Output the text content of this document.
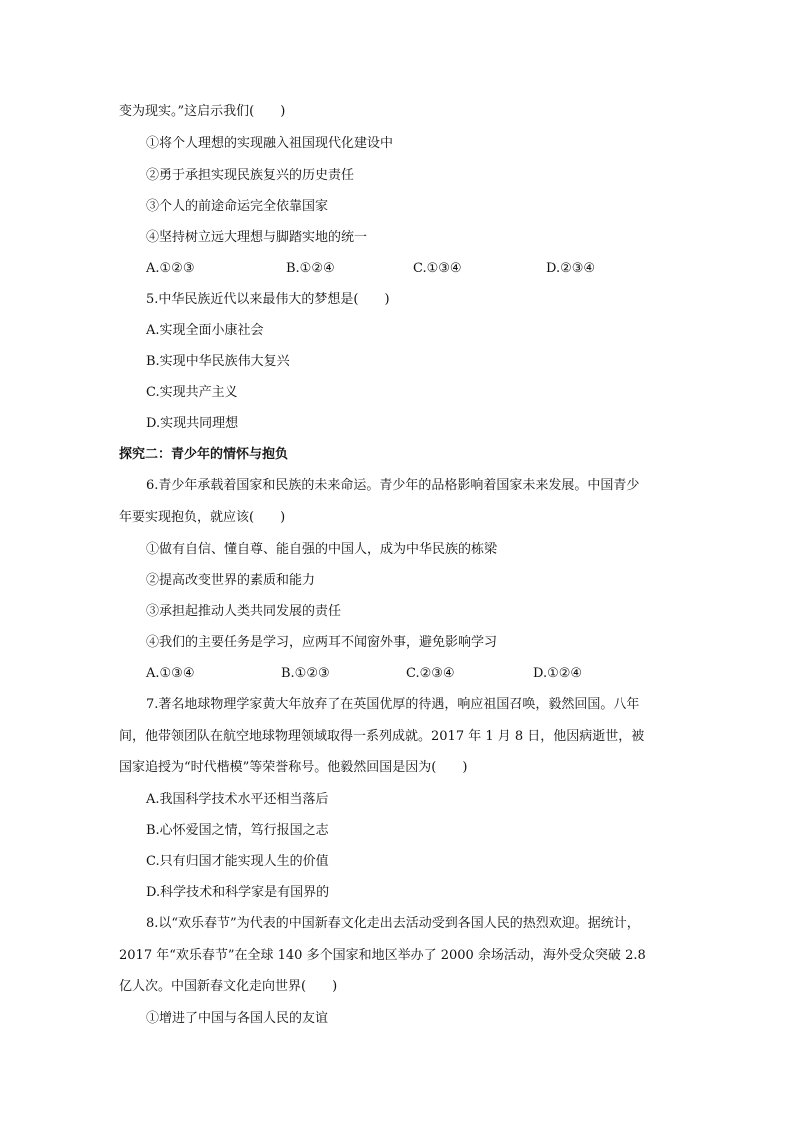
变为现实。”这启示我们(　　)
①将个人理想的实现融入祖国现代化建设中
②勇于承担实现民族复兴的历史责任
③个人的前途命运完全依靠国家
④坚持树立远大理想与脚踏实地的统一
A.①②③	B.①②④	C.①③④	D.②③④
5.中华民族近代以来最伟大的梦想是(　　)
A.实现全面小康社会
B.实现中华民族伟大复兴
C.实现共产主义
D.实现共同理想
探究二：青少年的情怀与抱负
6.青少年承载着国家和民族的未来命运。青少年的品格影响着国家未来发展。中国青少
年要实现抱负，就应该(　　)
①做有自信、懂自尊、能自强的中国人，成为中华民族的栋梁
②提高改变世界的素质和能力
③承担起推动人类共同发展的责任
④我们的主要任务是学习，应两耳不闻窗外事，避免影响学习
A.①③④	B.①②③	C.②③④	D.①②④
7.著名地球物理学家黄大年放弃了在英国优厚的待遇，响应祖国召唤，毅然回国。八年
间，他带领团队在航空地球物理领域取得一系列成就。2017 年 1 月 8 日，他因病逝世，被
国家追授为“时代楷模”等荣誉称号。他毅然回国是因为(　　)
A.我国科学技术水平还相当落后
B.心怀爱国之情，笃行报国之志
C.只有归国才能实现人生的价值
D.科学技术和科学家是有国界的
8.以“欢乐春节”为代表的中国新春文化走出去活动受到各国人民的热烈欢迎。据统计，
2017 年“欢乐春节”在全球 140 多个国家和地区举办了 2000 余场活动，海外受众突破 2.8
亿人次。中国新春文化走向世界(　　)
①增进了中国与各国人民的友谊
